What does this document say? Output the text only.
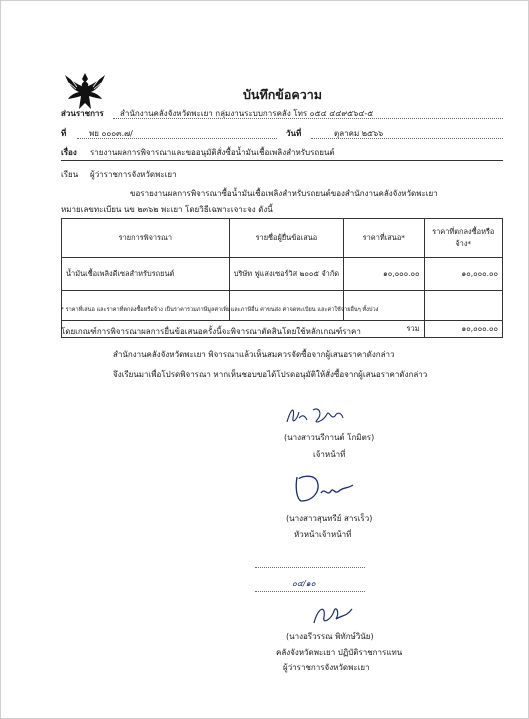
บันทึกข้อความ
ส่วนราชการ สำนักงานคลังจังหวัดพะเยา กลุ่มงานระบบการคลัง โทร ๐๕๔ ๔๔๙๕๖๔-๕
ที่	พย ๐๐๐๓.๗/	วันที่	ตุลาคม ๒๕๖๖
เรื่อง รายงานผลการพิจารณาและขออนุมัติสั่งซื้อน้ำมันเชื้อเพลิงสำหรับรถยนต์
เรียน ผู้ว่าราชการจังหวัดพะเยา
ขอรายงานผลการพิจารณาซื้อน้ำมันเชื้อเพลิงสำหรับรถยนต์ของสำนักงานคลังจังหวัดพะเยา
หมายเลขทะเบียน นข ๒๓๖๒ พะเยา โดยวิธีเฉพาะเจาะจง ดังนี้
รายการพิจารณา	รายชื่อผู้ยื่นข้อเสนอ	ราคาที่เสนอ*	ราคาที่ตกลงซื้อหรือจ้าง*
น้ำมันเชื้อเพลิงดีเซลสำหรับรถยนต์	บริษัท ฟูแสงเซอร์วิส ๒๐๐๕ จำกัด	๑๐,๐๐๐.๐๐	๑๐,๐๐๐.๐๐

รวม			๑๐,๐๐๐.๐๐
* ราคาที่เสนอ และราคาที่ตกลงซื้อหรือจ้าง เป็นราคารวมภาษีมูลค่าเพิ่มและภาษีอื่น ค่าขนส่ง ค่าจดทะเบียน และค่าใช้จ่ายอื่นๆ ทั้งปวง
โดยเกณฑ์การพิจารณาผลการยื่นข้อเสนอครั้งนี้จะพิจารณาตัดสินโดยใช้หลักเกณฑ์ราคา
สำนักงานคลังจังหวัดพะเยา พิจารณาแล้วเห็นสมควรจัดซื้อจากผู้เสนอราคาดังกล่าว
จึงเรียนมาเพื่อโปรดพิจารณา หากเห็นชอบขอได้โปรดอนุมัติให้สั่งซื้อจากผู้เสนอราคาดังกล่าว
(นางสาวนรีกานต์ โกมิตร)
เจ้าหน้าที่
(นางสาวสุนทรีย์ สารเร็ว)
หัวหน้าเจ้าหน้าที่
๐๔/๑๐
(นางอรีวรรณ พิทักษ์วินัย)
คลังจังหวัดพะเยา ปฏิบัติราชการแทน
ผู้ว่าราชการจังหวัดพะเยา
